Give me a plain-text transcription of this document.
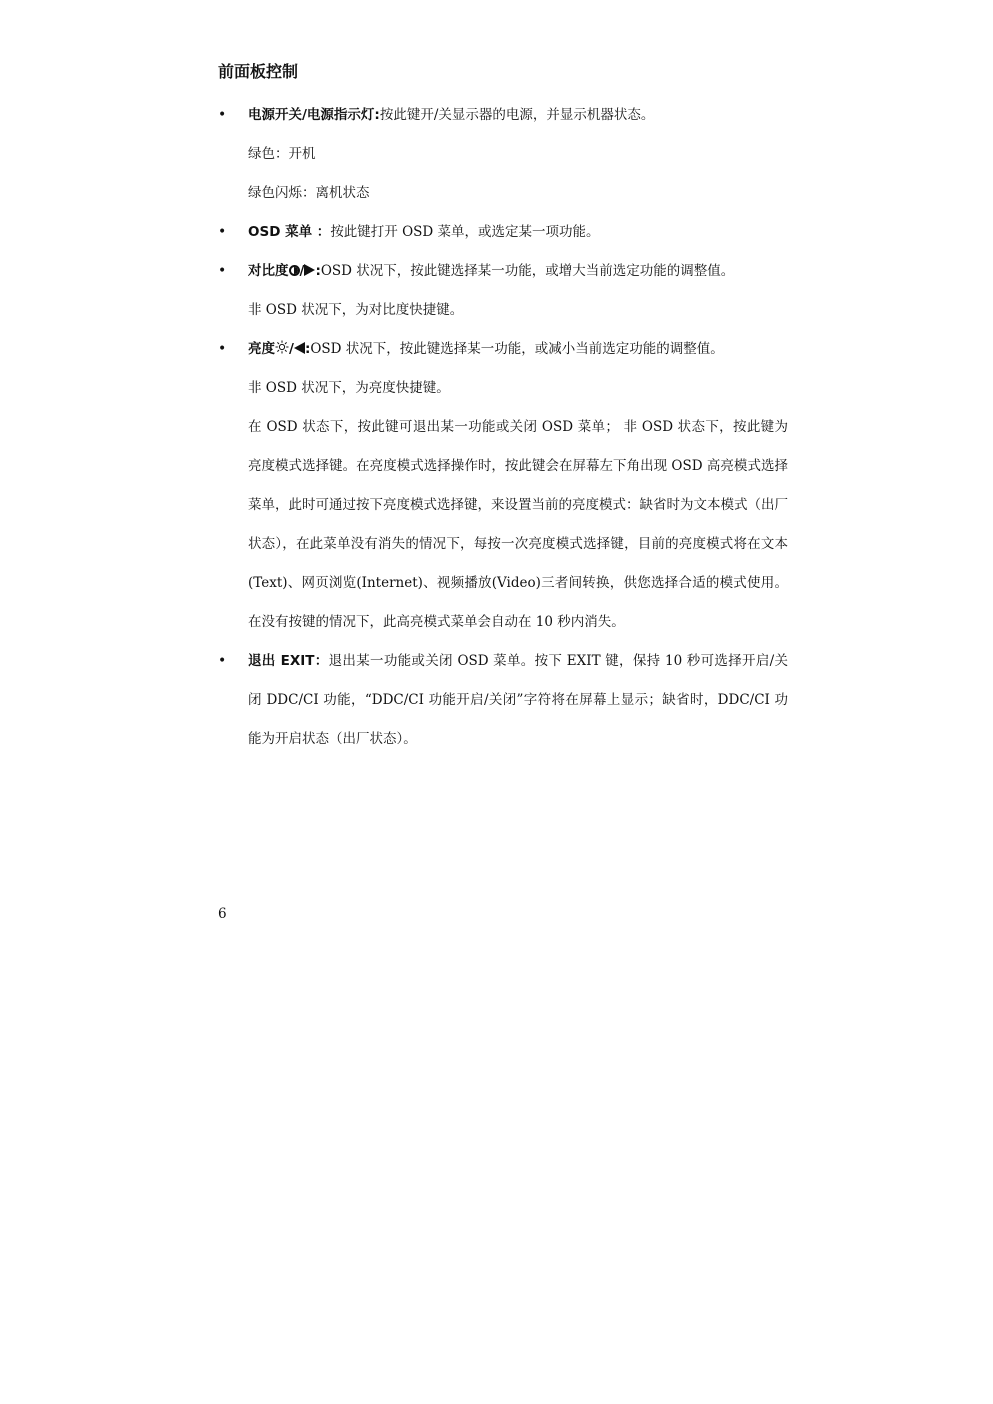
前面板控制
• 电源开关/电源指示灯:按此键开/关显示器的电源，并显示机器状态。
绿色：开机
绿色闪烁：离机状态
• OSD 菜单 ：按此键打开 OSD 菜单，或选定某一项功能。
• 对比度 / :OSD 状况下，按此键选择某一功能，或增大当前选定功能的调整值。
非 OSD 状况下，为对比度快捷键。
• 亮度 / :OSD 状况下，按此键选择某一功能，或减小当前选定功能的调整值。
非 OSD 状况下，为亮度快捷键。
在 OSD 状态下，按此键可退出某一功能或关闭 OSD 菜单； 非 OSD 状态下，按此键为亮度模式选择键。在亮度模式选择操作时，按此键会在屏幕左下角出现 OSD 高亮模式选择菜单，此时可通过按下亮度模式选择键，来设置当前的亮度模式：缺省时为文本模式（出厂状态），在此菜单没有消失的情况下，每按一次亮度模式选择键，目前的亮度模式将在文本(Text)、网页浏览(Internet)、视频播放(Video)三者间转换，供您选择合适的模式使用。在没有按键的情况下，此高亮模式菜单会自动在 10 秒内消失。
• 退出 EXIT：退出某一功能或关闭 OSD 菜单。按下 EXIT 键，保持 10 秒可选择开启/关闭 DDC/CI 功能，“DDC/CI 功能开启/关闭”字符将在屏幕上显示；缺省时，DDC/CI 功能为开启状态（出厂状态）。
6
